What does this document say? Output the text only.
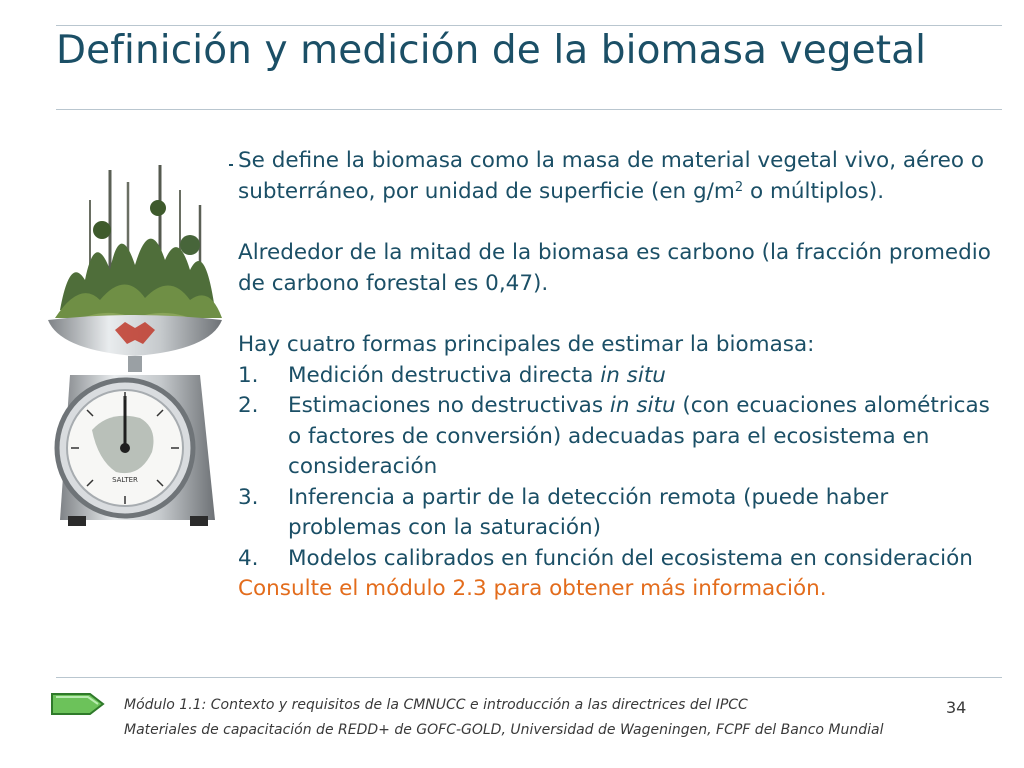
Definición y medición de la biomasa vegetal
SALTER

Se define la biomasa como la masa de material vegetal vivo, aéreo o subterráneo, por unidad de superficie (en $g/m^2$ o múltiplos).

Alrededor de la mitad de la biomasa es carbono (la fracción promedio de carbono forestal es 0,47).

Hay cuatro formas principales de estimar la biomasa:

1. Medición destructiva directa in situ
2. Estimaciones no destructivas in situ (con ecuaciones alométricas o factores de conversión) adecuadas para el ecosistema en consideración
3. Inferencia a partir de la detección remota (puede haber problemas con la saturación)
4. Modelos calibrados en función del ecosistema en consideración

Consulte el módulo 2.3 para obtener más información.

Módulo 1.1: Contexto y requisitos de la CMNUCC e introducción a las directrices del IPCC
Materiales de capacitación de REDD+ de GOFC-GOLD, Universidad de Wageningen, FCPF del Banco Mundial
34
